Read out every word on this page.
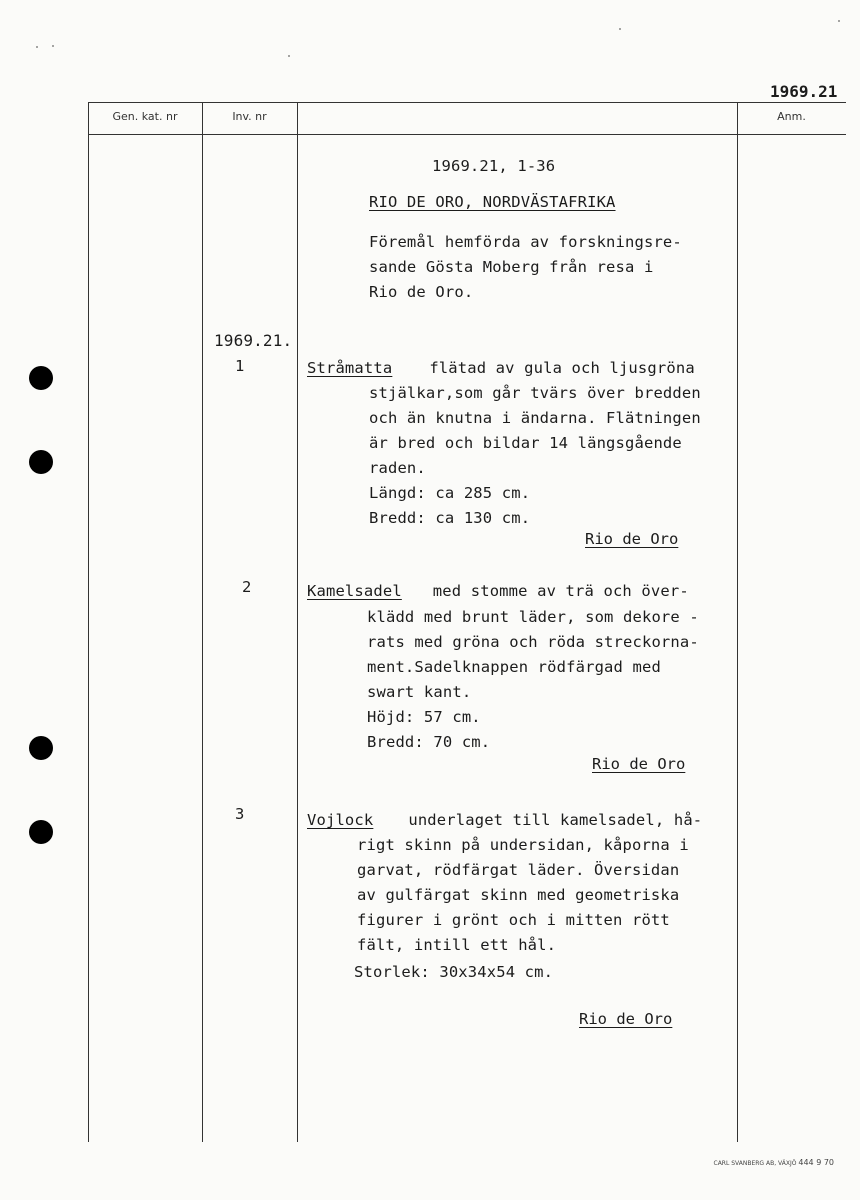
1969.21
Gen. kat. nr	Inv. nr	Anm.
1969.21, 1-36
RIO DE ORO, NORDVÄSTAFRIKA
Föremål hemförda av forskningsre-
sande Gösta Moberg från resa i
Rio de Oro.
1969.21.
1	Stråmatta flätad av gula och ljusgröna
stjälkar,som går tvärs över bredden
och än knutna i ändarna. Flätningen
är bred och bildar 14 längsgående
raden.
Längd: ca 285 cm.
Bredd: ca 130 cm.
Rio de Oro
2	Kamelsadel med stomme av trä och över-
klädd med brunt läder, som dekore -
rats med gröna och röda streckorna-
ment.Sadelknappen rödfärgad med
swart kant.
Höjd: 57 cm.
Bredd: 70 cm.
Rio de Oro
3	Vojlock underlaget till kamelsadel, hå-
rigt skinn på undersidan, kåporna i
garvat, rödfärgat läder. Översidan
av gulfärgat skinn med geometriska
figurer i grönt och i mitten rött
fält, intill ett hål.
Storlek: 30x34x54 cm.
Rio de Oro
CARL SVANBERG AB, VÄXJÖ 444 9 70
